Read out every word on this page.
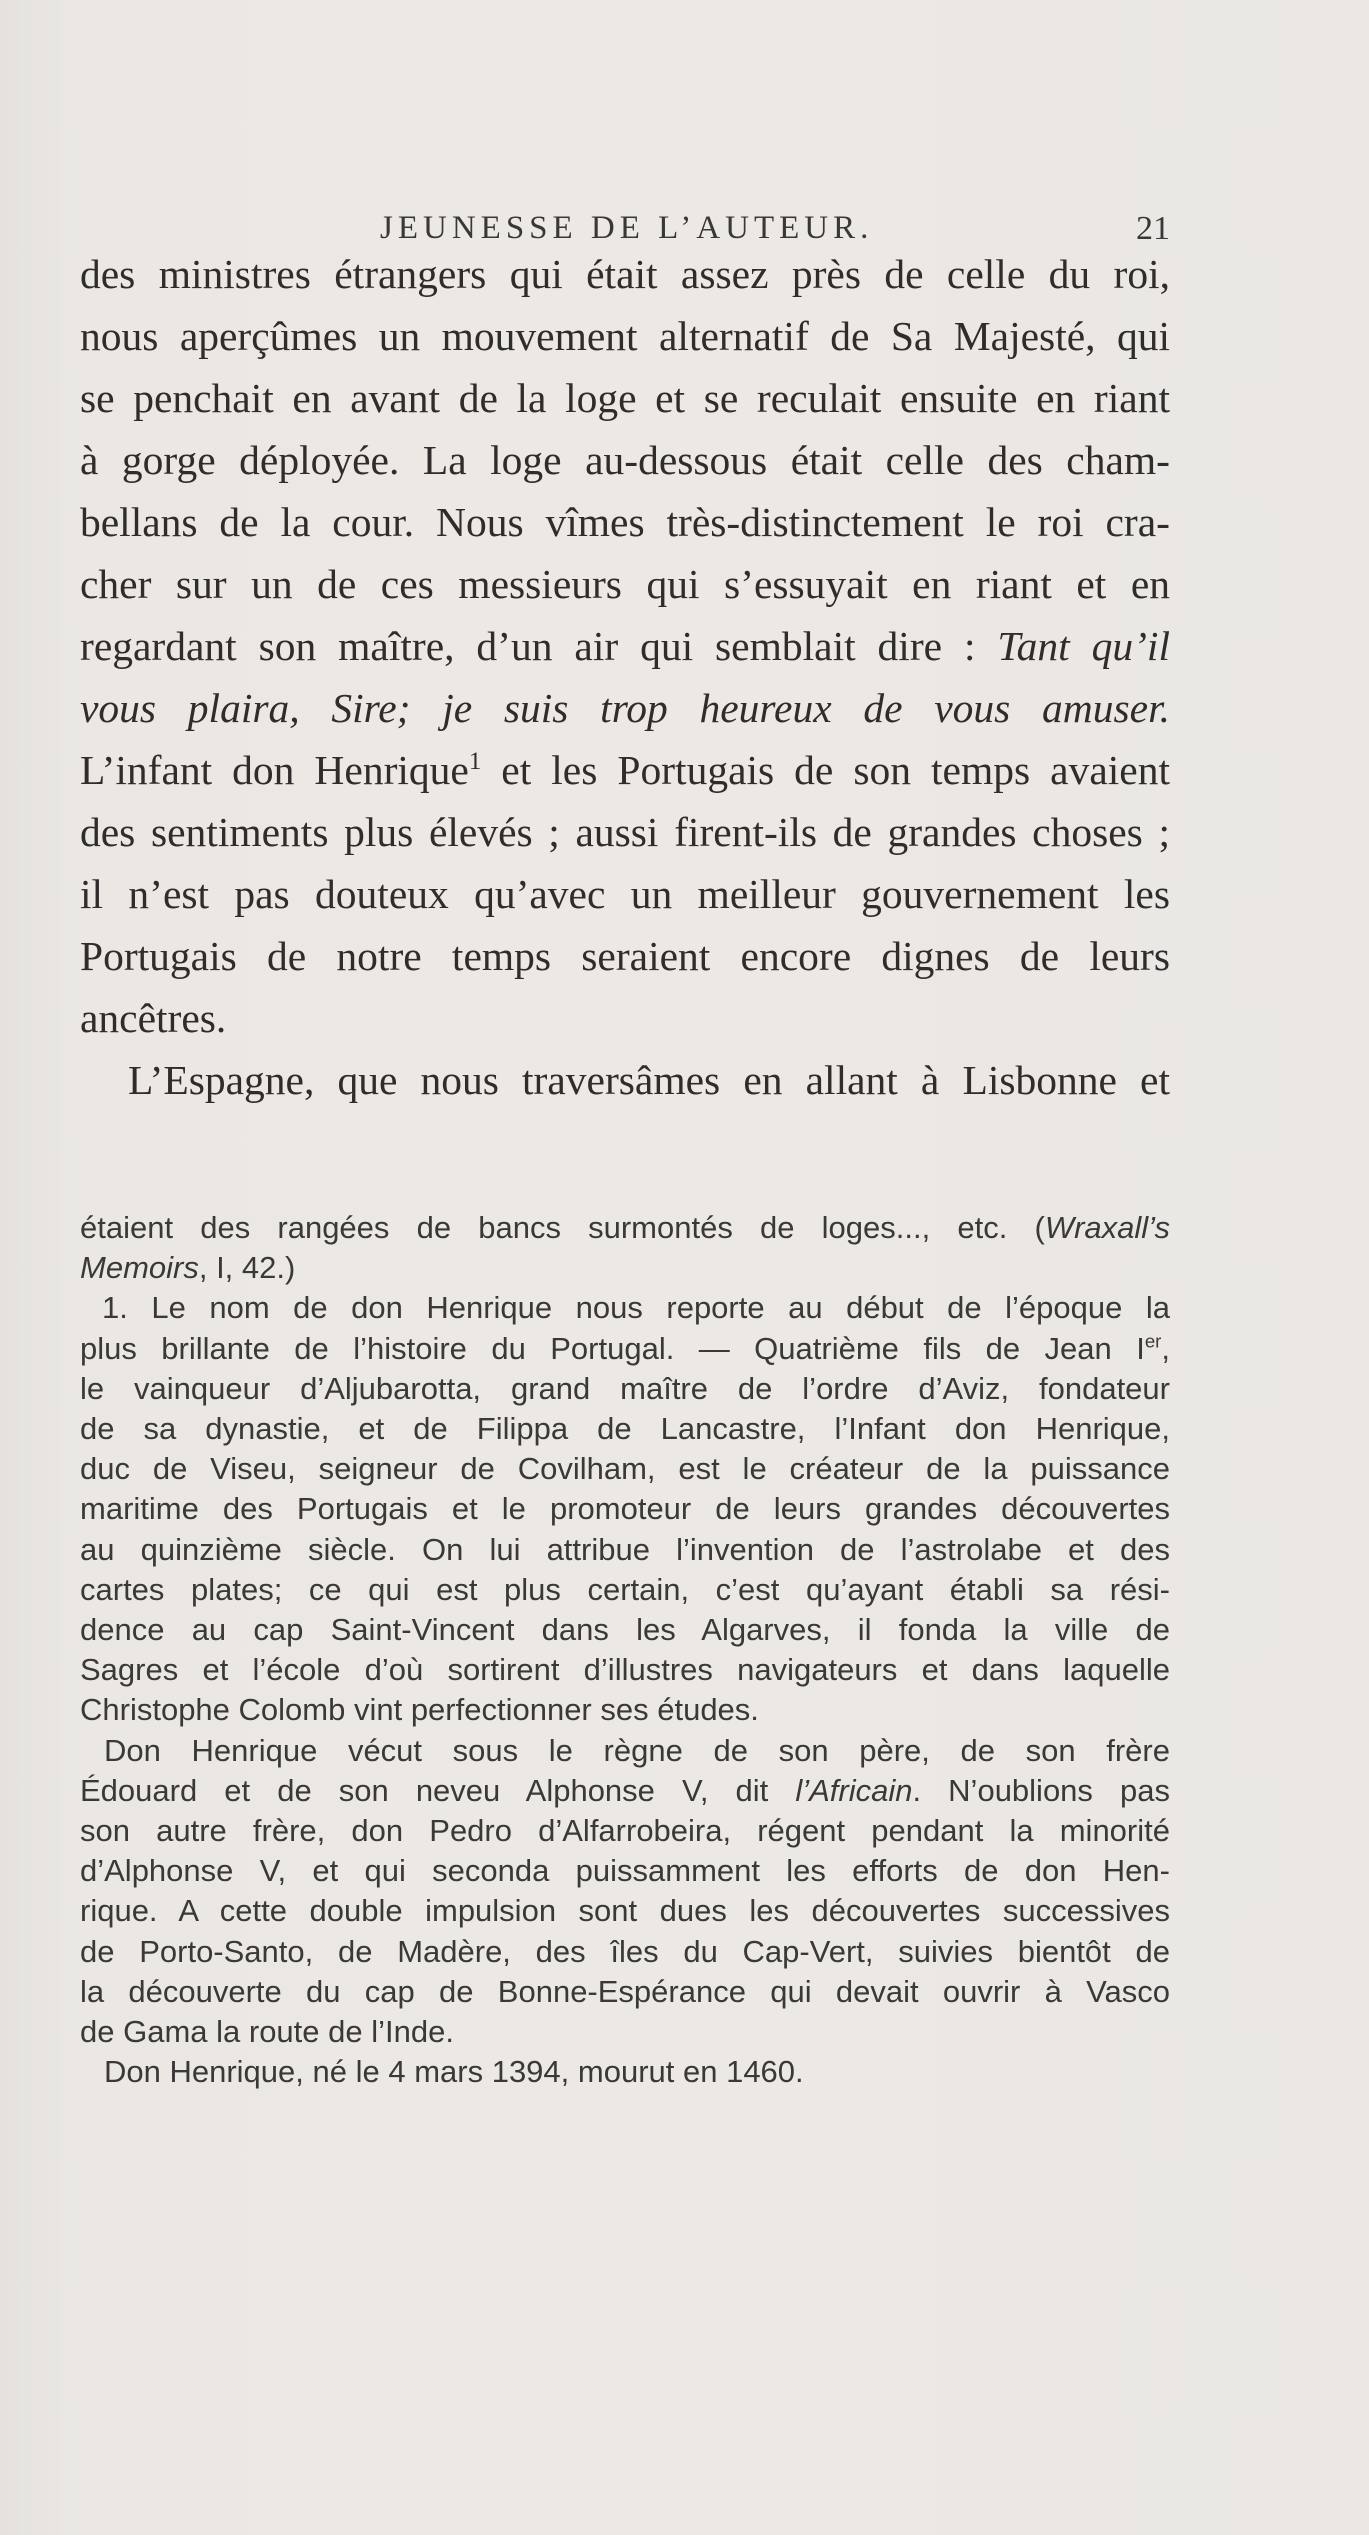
JEUNESSE DE L’AUTEUR.	21
des ministres étrangers qui était assez près de celle du roi,
nous aperçûmes un mouvement alternatif de Sa Majesté, qui
se penchait en avant de la loge et se reculait ensuite en riant
à gorge déployée. La loge au-dessous était celle des cham-
bellans de la cour. Nous vîmes très-distinctement le roi cra-
cher sur un de ces messieurs qui s’essuyait en riant et en
regardant son maître, d’un air qui semblait dire : Tant qu’il
vous plaira, Sire; je suis trop heureux de vous amuser.
L’infant don Henrique$^1$ et les Portugais de son temps avaient
des sentiments plus élevés ; aussi firent-ils de grandes choses ;
il n’est pas douteux qu’avec un meilleur gouvernement les
Portugais de notre temps seraient encore dignes de leurs
ancêtres.
L’Espagne, que nous traversâmes en allant à Lisbonne et
étaient des rangées de bancs surmontés de loges..., etc. (Wraxall’s
Memoirs, I, 42.)
1. Le nom de don Henrique nous reporte au début de l’époque la
plus brillante de l’histoire du Portugal. — Quatrième fils de Jean Ier,
le vainqueur d’Aljubarotta, grand maître de l’ordre d’Aviz, fondateur
de sa dynastie, et de Filippa de Lancastre, l’Infant don Henrique,
duc de Viseu, seigneur de Covilham, est le créateur de la puissance
maritime des Portugais et le promoteur de leurs grandes découvertes
au quinzième siècle. On lui attribue l’invention de l’astrolabe et des
cartes plates; ce qui est plus certain, c’est qu’ayant établi sa rési-
dence au cap Saint-Vincent dans les Algarves, il fonda la ville de
Sagres et l’école d’où sortirent d’illustres navigateurs et dans laquelle
Christophe Colomb vint perfectionner ses études.
Don Henrique vécut sous le règne de son père, de son frère
Édouard et de son neveu Alphonse V, dit l’Africain. N’oublions pas
son autre frère, don Pedro d’Alfarrobeira, régent pendant la minorité
d’Alphonse V, et qui seconda puissamment les efforts de don Hen-
rique. A cette double impulsion sont dues les découvertes successives
de Porto-Santo, de Madère, des îles du Cap-Vert, suivies bientôt de
la découverte du cap de Bonne-Espérance qui devait ouvrir à Vasco
de Gama la route de l’Inde.
Don Henrique, né le 4 mars 1394, mourut en 1460.
